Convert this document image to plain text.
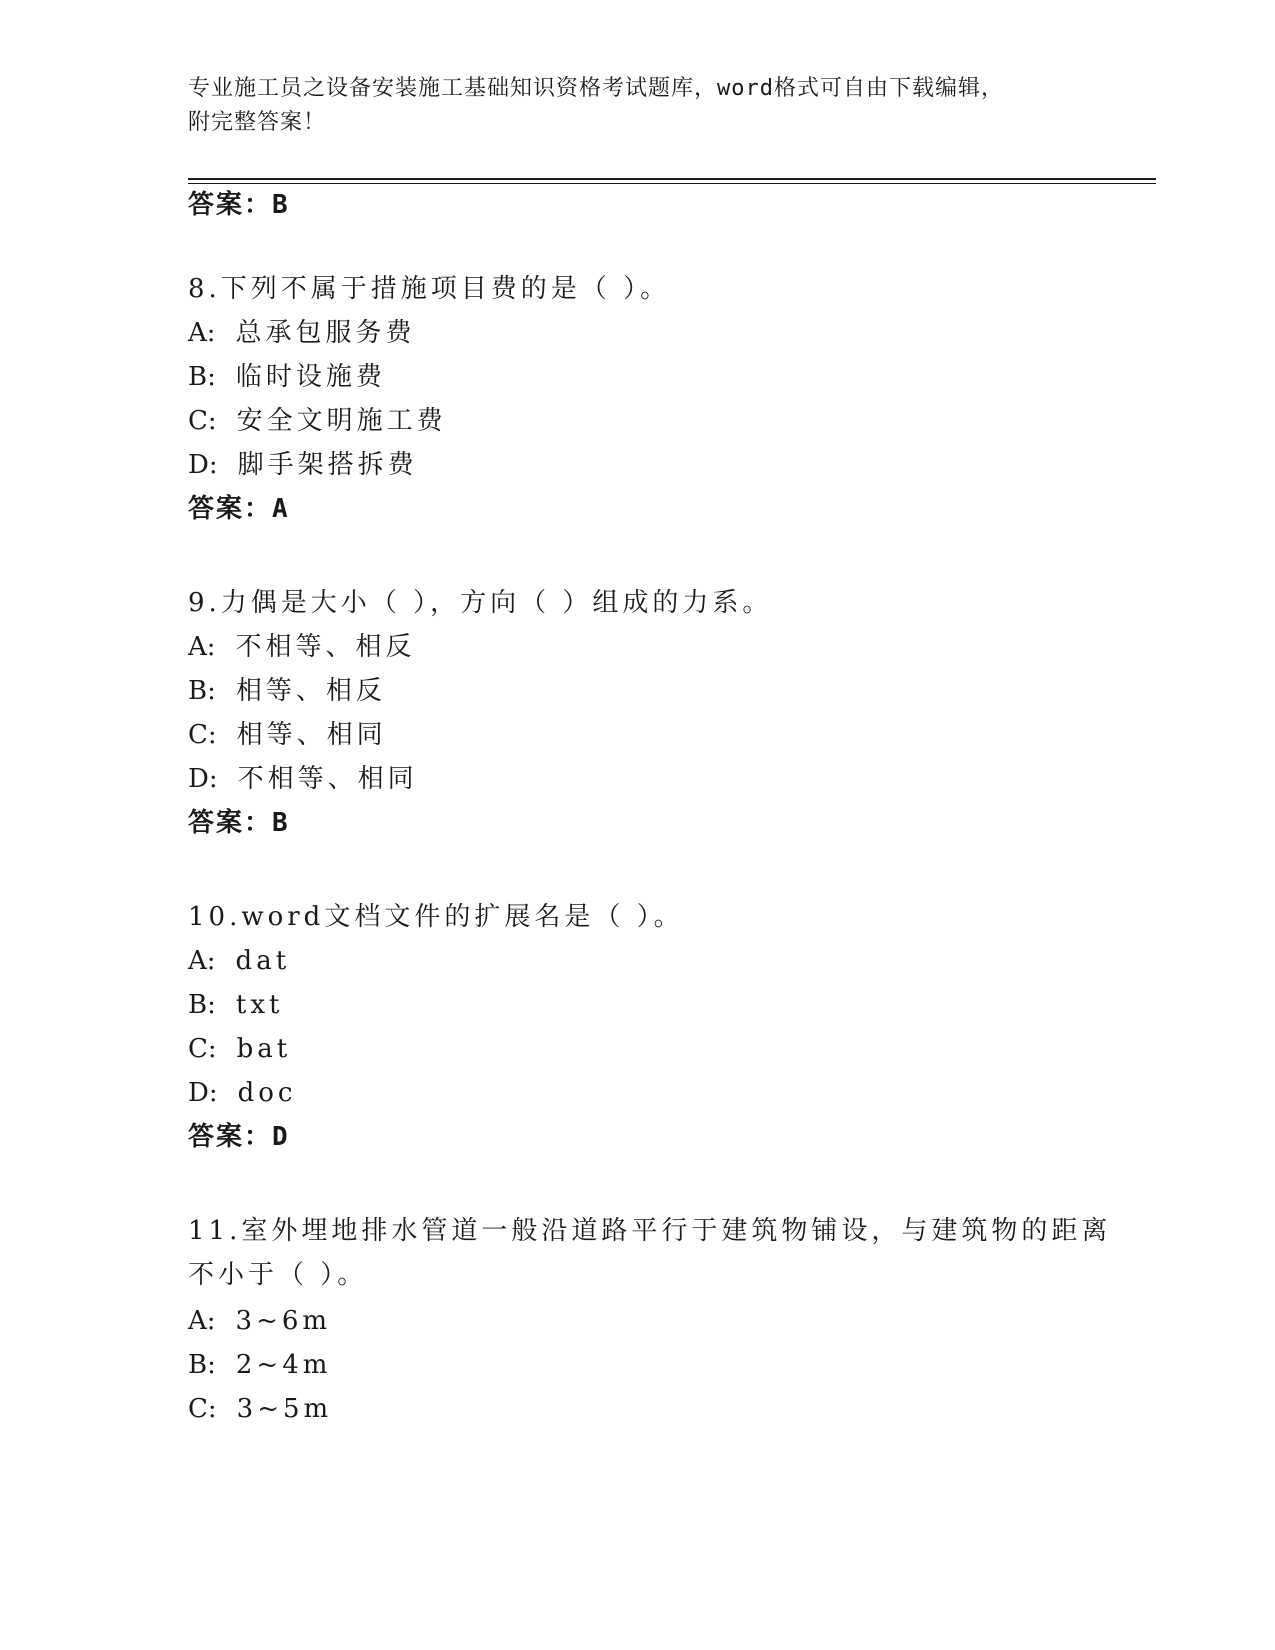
专业施工员之设备安装施工基础知识资格考试题库，word格式可自由下载编辑，
附完整答案！
答案：B
8.下列不属于措施项目费的是（ ）。
A: 总承包服务费
B: 临时设施费
C: 安全文明施工费
D: 脚手架搭拆费
答案：A
9.力偶是大小（ ），方向（ ）组成的力系。
A: 不相等、相反
B: 相等、相反
C: 相等、相同
D: 不相等、相同
答案：B
10.word文档文件的扩展名是（ ）。
A: dat
B: txt
C: bat
D: doc
答案：D
11.室外埋地排水管道一般沿道路平行于建筑物铺设，与建筑物的距离
不小于（ ）。
A: 3~6m
B: 2~4m
C: 3~5m
